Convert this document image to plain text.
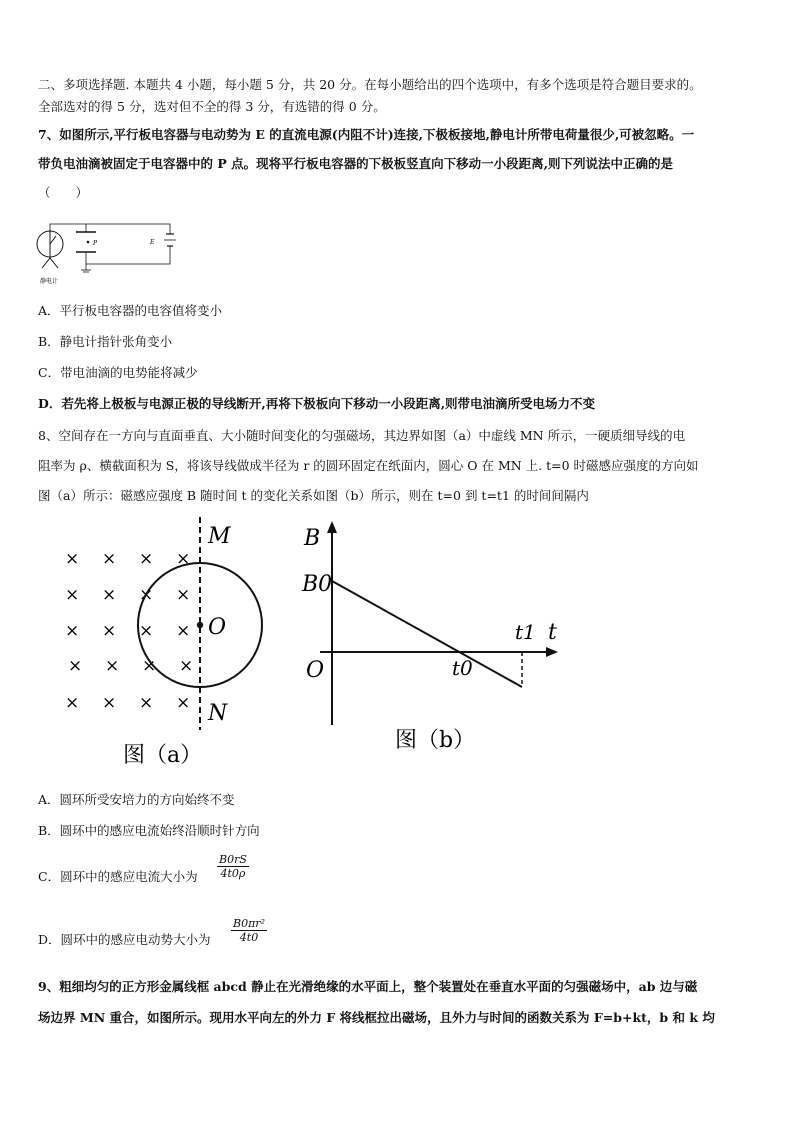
二、多项选择题. 本题共 4 小题，每小题 5 分，共 20 分。在每小题给出的四个选项中，有多个选项是符合题目要求的。
全部选对的得 5 分，选对但不全的得 3 分，有选错的得 0 分。
7、如图所示,平行板电容器与电动势为 E 的直流电源(内阻不计)连接,下极板接地,静电计所带电荷量很少,可被忽略。一
带负电油滴被固定于电容器中的 P 点。现将平行板电容器的下极板竖直向下移动一小段距离,则下列说法中正确的是
（　　）
P	E
静电计
A．平行板电容器的电容值将变小
B．静电计指针张角变小
C．带电油滴的电势能将减少
D．若先将上极板与电源正极的导线断开,再将下极板向下移动一小段距离,则带电油滴所受电场力不变
8、空间存在一方向与直面垂直、大小随时间变化的匀强磁场，其边界如图（a）中虚线 MN 所示，一硬质细导线的电
阻率为 ρ、横截面积为 S，将该导线做成半径为 r 的圆环固定在纸面内，圆心 O 在 MN 上. t=0 时磁感应强度的方向如
图（a）所示：磁感应强度 B 随时间 t 的变化关系如图（b）所示，则在 t=0 到 t=t1 的时间间隔内
× × × ×
× × × ×
× × × ×
× × × ×
× × × ×
M
N
O
图（a）
B
B0
t
t1
t0
O
图（b）
A．圆环所受安培力的方向始终不变
B．圆环中的感应电流始终沿顺时针方向
C．圆环中的感应电流大小为 $\frac{B0rS}{4t0\rho}$
D．圆环中的感应电动势大小为 $\frac{\text{B0πr²}}{4t0}$
9、粗细均匀的正方形金属线框 abcd 静止在光滑绝缘的水平面上，整个装置处在垂直水平面的匀强磁场中，ab 边与磁
场边界 MN 重合，如图所示。现用水平向左的外力 F 将线框拉出磁场，且外力与时间的函数关系为 F=b+kt，b 和 k 均
